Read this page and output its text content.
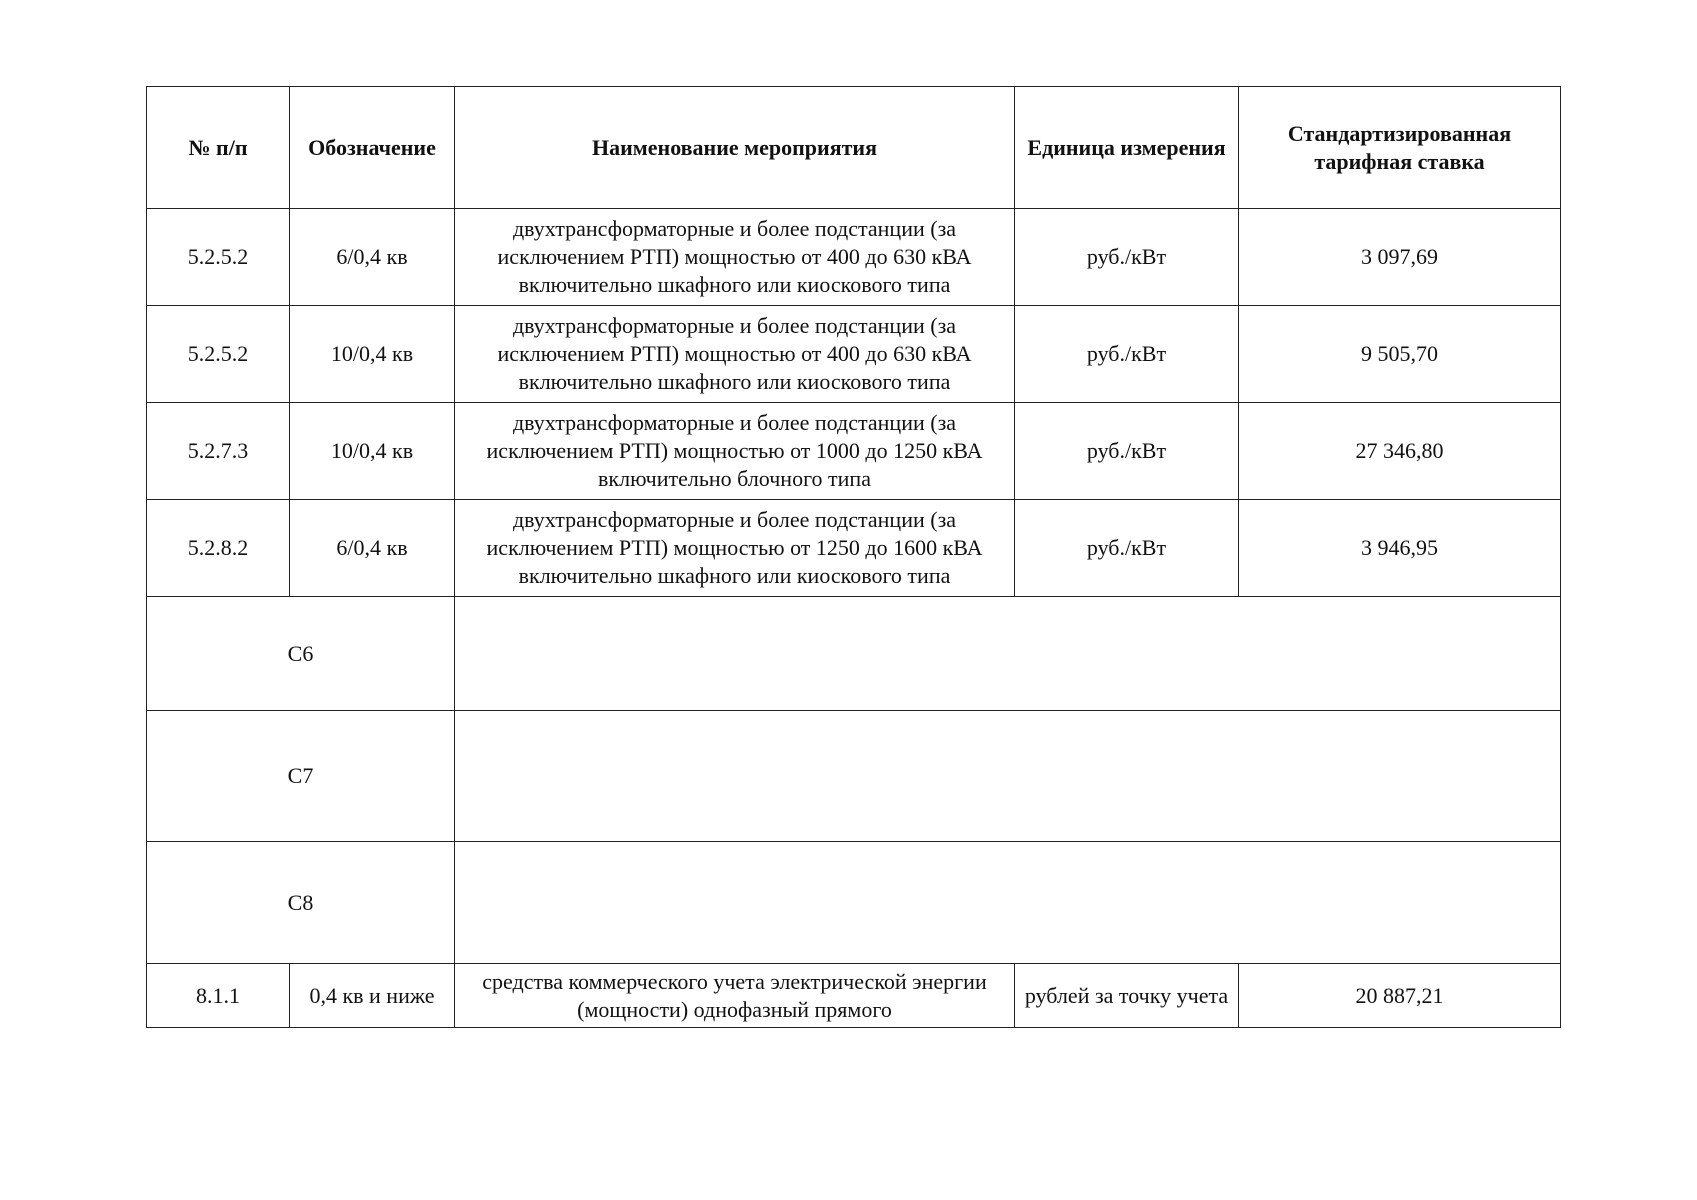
№ п/п	Обозначение	Наименование мероприятия	Единица измерения	Стандартизированная тарифная ставка
5.2.5.2	6/0,4 кв	двухтрансформаторные и более подстанции (за исключением РТП) мощностью от 400 до 630 кВА включительно шкафного или киоскового типа	руб./кВт	3 097,69
5.2.5.2	10/0,4 кв	двухтрансформаторные и более подстанции (за исключением РТП) мощностью от 400 до 630 кВА включительно шкафного или киоскового типа	руб./кВт	9 505,70
5.2.7.3	10/0,4 кв	двухтрансформаторные и более подстанции (за исключением РТП) мощностью от 1000 до 1250 кВА включительно блочного типа	руб./кВт	27 346,80
5.2.8.2	6/0,4 кв	двухтрансформаторные и более подстанции (за исключением РТП) мощностью от 1250 до 1600 кВА включительно шкафного или киоскового типа	руб./кВт	3 946,95
С6				
С7				
С8				
8.1.1	0,4 кв и ниже	средства коммерческого учета электрической энергии (мощности) однофазный прямого	рублей за точку учета	20 887,21
